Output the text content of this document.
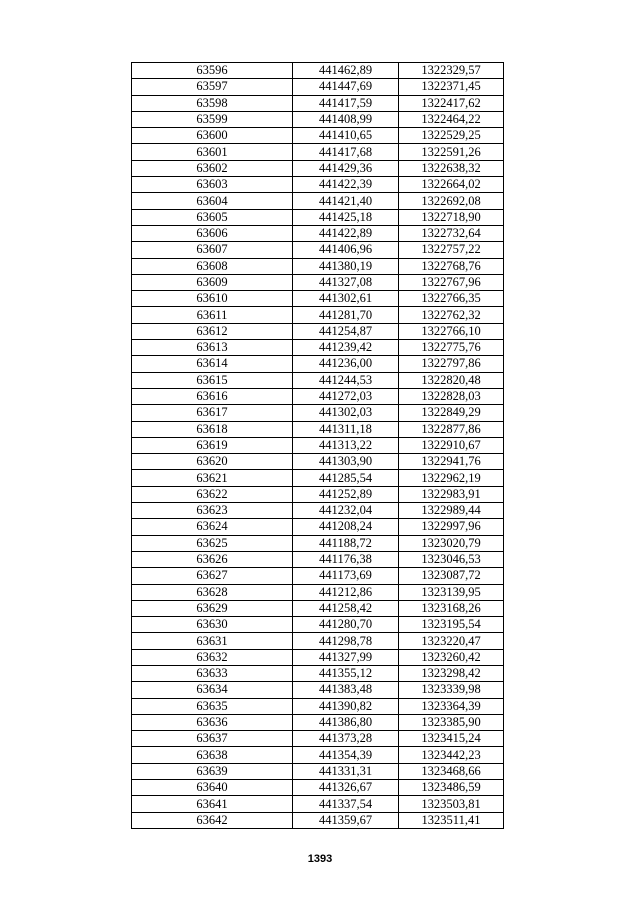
63596	441462,89	1322329,57
63597	441447,69	1322371,45
63598	441417,59	1322417,62
63599	441408,99	1322464,22
63600	441410,65	1322529,25
63601	441417,68	1322591,26
63602	441429,36	1322638,32
63603	441422,39	1322664,02
63604	441421,40	1322692,08
63605	441425,18	1322718,90
63606	441422,89	1322732,64
63607	441406,96	1322757,22
63608	441380,19	1322768,76
63609	441327,08	1322767,96
63610	441302,61	1322766,35
63611	441281,70	1322762,32
63612	441254,87	1322766,10
63613	441239,42	1322775,76
63614	441236,00	1322797,86
63615	441244,53	1322820,48
63616	441272,03	1322828,03
63617	441302,03	1322849,29
63618	441311,18	1322877,86
63619	441313,22	1322910,67
63620	441303,90	1322941,76
63621	441285,54	1322962,19
63622	441252,89	1322983,91
63623	441232,04	1322989,44
63624	441208,24	1322997,96
63625	441188,72	1323020,79
63626	441176,38	1323046,53
63627	441173,69	1323087,72
63628	441212,86	1323139,95
63629	441258,42	1323168,26
63630	441280,70	1323195,54
63631	441298,78	1323220,47
63632	441327,99	1323260,42
63633	441355,12	1323298,42
63634	441383,48	1323339,98
63635	441390,82	1323364,39
63636	441386,80	1323385,90
63637	441373,28	1323415,24
63638	441354,39	1323442,23
63639	441331,31	1323468,66
63640	441326,67	1323486,59
63641	441337,54	1323503,81
63642	441359,67	1323511,41
1393
